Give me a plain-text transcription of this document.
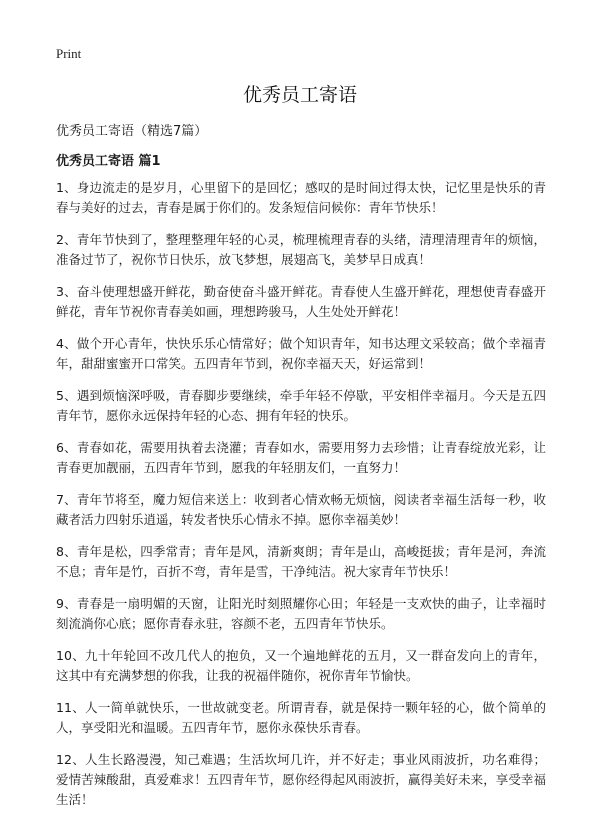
Print
优秀员工寄语

优秀员工寄语（精选7篇）

优秀员工寄语 篇1

1、身边流走的是岁月，心里留下的是回忆；感叹的是时间过得太快，记忆里是快乐的青春与美好的过去，青春是属于你们的。发条短信问候你：青年节快乐！

2、青年节快到了，整理整理年轻的心灵，梳理梳理青春的头绪，清理清理青年的烦恼，准备过节了，祝你节日快乐，放飞梦想，展翅高飞，美梦早日成真！

3、奋斗使理想盛开鲜花，勤奋使奋斗盛开鲜花。青春使人生盛开鲜花，理想使青春盛开鲜花，青年节祝你青春美如画，理想跨骏马，人生处处开鲜花！

4、做个开心青年，快快乐乐心情常好；做个知识青年，知书达理文采较高；做个幸福青年，甜甜蜜蜜开口常笑。五四青年节到，祝你幸福天天，好运常到！

5、遇到烦恼深呼吸，青春脚步要继续，牵手年轻不停歇，平安相伴幸福月。今天是五四青年节，愿你永远保持年轻的心态、拥有年轻的快乐。

6、青春如花，需要用执着去浇灌；青春如水，需要用努力去珍惜；让青春绽放光彩，让青春更加靓丽，五四青年节到，愿我的年轻朋友们，一直努力！

7、青年节将至，魔力短信来送上：收到者心情欢畅无烦恼，阅读者幸福生活每一秒，收藏者活力四射乐逍遥，转发者快乐心情永不掉。愿你幸福美妙！

8、青年是松，四季常青；青年是风，清新爽朗；青年是山，高峻挺拔；青年是河，奔流不息；青年是竹，百折不弯，青年是雪，干净纯洁。祝大家青年节快乐！

9、青春是一扇明媚的天窗，让阳光时刻照耀你心田；年轻是一支欢快的曲子，让幸福时刻流淌你心底；愿你青春永驻，容颜不老，五四青年节快乐。

10、九十年轮回不改几代人的抱负，又一个遍地鲜花的五月，又一群奋发向上的青年，这其中有充满梦想的你我，让我的祝福伴随你，祝你青年节愉快。

11、人一简单就快乐，一世故就变老。所谓青春，就是保持一颗年轻的心，做个简单的人，享受阳光和温暖。五四青年节，愿你永葆快乐青春。

12、人生长路漫漫，知己难遇；生活坎坷几许，并不好走；事业风雨波折，功名难得；爱情苦辣酸甜，真爱难求！五四青年节，愿你经得起风雨波折，赢得美好未来，享受幸福生活！
